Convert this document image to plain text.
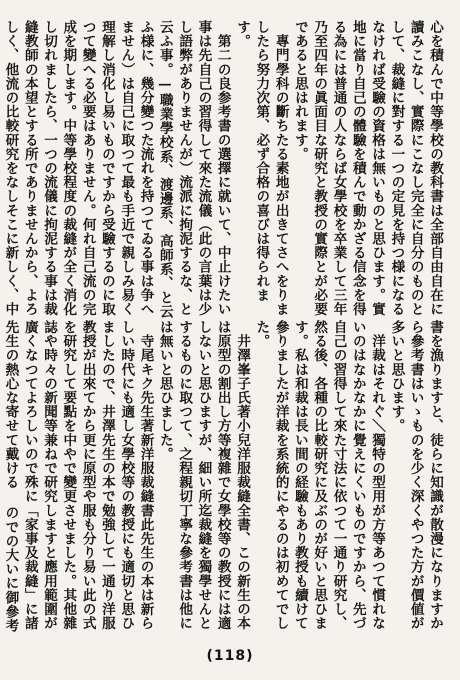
心を積んで中等學校の教科書は全部自由自在に讀みこなし、實際にこなし完全に自分のものとして、裁縫に對する一つの定見を持つ様になるなければ受驗の資格は無いものと思ひます。實地に當り自己の體驗を積んで動かざる信念を得る為には普通の人ならば女學校を卒業して三年乃至四年の眞面目な研究と教授の實際とが必要であると思はれます。
　專門學科の斷ちたる素地が出きてさへをりましたら努力次第、必ず合格の喜びは得られます。
　第二の良参考書の選擇に就いて、中止けたい事は先自己の習得して來た流儀（此の言葉は少し語弊がありませんが）流派に拘泥するな、と云ふ事。—職業學校系、渡邊系、高師系、と云ふ様に、幾分變つた流れを持つてゐる事は争へません）は自己に取つて最も手近で親しみ易く理解し消化し易いものですから受驗するのに取つて變へる必要はありません。何れ自己流の完成を期します。中等學校程度の裁縫が全く消化し切れましたら、一つの流儀に拘泥する事は裁縫教師の本望とする所でありませんから、よろしく、他流の比較研究をなしそこに新しく、中
書を漁りますと、徒らに知識が散漫になりますから參考書はいゝものを少く深くやつた方が價値が多いと思ひます。
　洋裁はそれぐ＼獨特の型用が方等あつて慣れないのはなかなかに覺えにくいものですから、先づ自己の習得して來た寸法に依つて一通り研究し、然る後、各種の比較研究に及ぶのが好いと思ひます。私は和裁は長い間の経驗もあり教授も續けて參りましたが洋裁を系統的にやるのは初めてでした。
　井澤峯子氏著小兒洋服裁縫全書、この新生の本は原型の割出し方等複雜で女學校等の教授には適しないと思ひますが、細い所迄裁縫を獨學せんとするものに取つて、之程親切丁寧な參考書は他には無いと思ひました。
　寺尾キク先生著新洋服裁縫書此先生の本は新らしい時代にも適し女學校等の教授にも適切と思ひましたので、井澤先生の本で勉強して一通り洋服教授が出來てから更に原型や服も分り易い此の式を研究して要點を中やで變更させました。其他雜誌や時々の新聞等兼ねで研究しますと應用範圍が廣くなつてよろしいので殊に「家事及裁縫」に諸先生の熱心な寄せて戴ける のでの大いに御參考
(118)
